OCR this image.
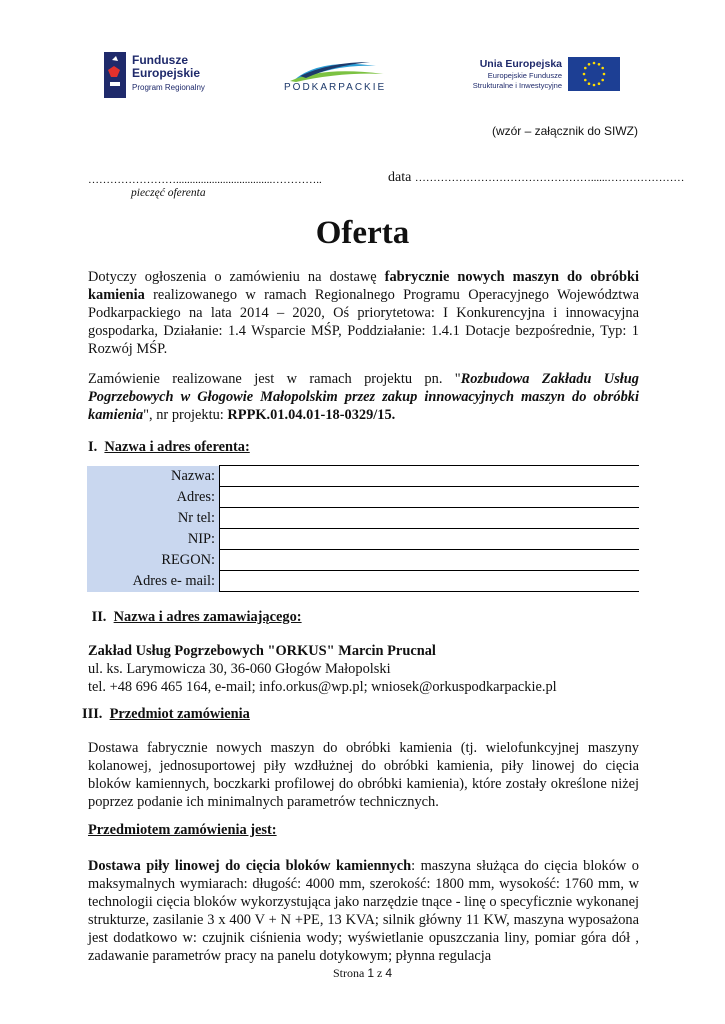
Fundusze
Europejskie
Program Regionalny	PODKARPACKIE
Unia Europejska
Europejskie Fundusze
Strukturalne i Inwestycyjne
(wzór – załącznik do SIWZ)
……………………...................................…………..
pieczęć oferenta
data …………………………………………......…………………
Oferta
Dotyczy ogłoszenia o zamówieniu na dostawę fabrycznie nowych maszyn do obróbki kamienia realizowanego w ramach Regionalnego Programu Operacyjnego Województwa Podkarpackiego na lata 2014 – 2020, Oś priorytetowa: I Konkurencyjna i innowacyjna gospodarka, Działanie: 1.4 Wsparcie MŚP, Poddziałanie: 1.4.1 Dotacje bezpośrednie, Typ: 1 Rozwój MŚP.
Zamówienie realizowane jest w ramach projektu pn. "Rozbudowa Zakładu Usług Pogrzebowych w Głogowie Małopolskim przez zakup innowacyjnych maszyn do obróbki kamienia", nr projektu: RPPK.01.04.01-18-0329/15.
I. Nazwa i adres oferenta:
Nazwa:	
Adres:	
Nr tel:	
NIP:	
REGON:	
Adres e- mail:	
II. Nazwa i adres zamawiającego:
Zakład Usług Pogrzebowych "ORKUS" Marcin Prucnal
ul. ks. Larymowicza 30, 36-060 Głogów Małopolski
tel. +48 696 465 164, e-mail; info.orkus@wp.pl; wniosek@orkuspodkarpackie.pl
III. Przedmiot zamówienia
Dostawa fabrycznie nowych maszyn do obróbki kamienia (tj. wielofunkcyjnej maszyny kolanowej, jednosuportowej piły wzdłużnej do obróbki kamienia, piły linowej do cięcia bloków kamiennych, boczkarki profilowej do obróbki kamienia), które zostały określone niżej poprzez podanie ich minimalnych parametrów technicznych.
Przedmiotem zamówienia jest:
Dostawa piły linowej do cięcia bloków kamiennych: maszyna służąca do cięcia bloków o maksymalnych wymiarach: długość: 4000 mm, szerokość: 1800 mm, wysokość: 1760 mm, w technologii cięcia bloków wykorzystująca jako narzędzie tnące - linę o specyficznie wykonanej strukturze, zasilanie 3 x 400 V + N +PE, 13 KVA; silnik główny 11 KW, maszyna wyposażona jest dodatkowo w: czujnik ciśnienia wody; wyświetlanie opuszczania liny, pomiar góra dół , zadawanie parametrów pracy na panelu dotykowym; płynna regulacja
Strona 1 z 4
